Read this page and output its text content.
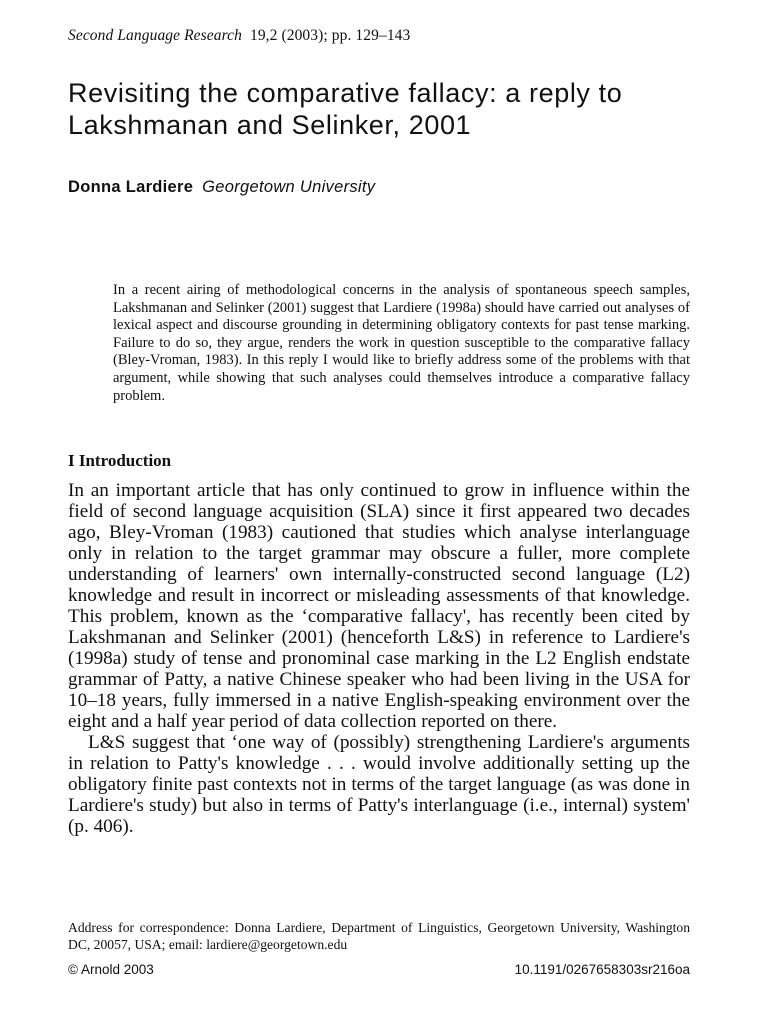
Second Language Research 19,2 (2003); pp. 129–143
Revisiting the comparative fallacy: a reply to Lakshmanan and Selinker, 2001
Donna Lardiere Georgetown University

In a recent airing of methodological concerns in the analysis of spontaneous speech samples, Lakshmanan and Selinker (2001) suggest that Lardiere (1998a) should have carried out analyses of lexical aspect and discourse grounding in determining obligatory contexts for past tense marking. Failure to do so, they argue, renders the work in question susceptible to the comparative fallacy (Bley-Vroman, 1983). In this reply I would like to briefly address some of the problems with that argument, while showing that such analyses could themselves introduce a comparative fallacy problem.

I Introduction

In an important article that has only continued to grow in influence within the field of second language acquisition (SLA) since it first appeared two decades ago, Bley-Vroman (1983) cautioned that studies which analyse interlanguage only in relation to the target grammar may obscure a fuller, more complete understanding of learners' own internally-constructed second language (L2) knowledge and result in incorrect or misleading assessments of that knowledge. This problem, known as the ‘comparative fallacy', has recently been cited by Lakshmanan and Selinker (2001) (henceforth L&S) in reference to Lardiere's (1998a) study of tense and pronominal case marking in the L2 English endstate grammar of Patty, a native Chinese speaker who had been living in the USA for 10–18 years, fully immersed in a native English-speaking environment over the eight and a half year period of data collection reported on there.

L&S suggest that ‘one way of (possibly) strengthening Lardiere's arguments in relation to Patty's knowledge . . . would involve additionally setting up the obligatory finite past contexts not in terms of the target language (as was done in Lardiere's study) but also in terms of Patty's interlanguage (i.e., internal) system' (p. 406).

Address for correspondence: Donna Lardiere, Department of Linguistics, Georgetown University, Washington DC, 20057, USA; email: lardiere@georgetown.edu

© Arnold 2003	10.1191/0267658303sr216oa
